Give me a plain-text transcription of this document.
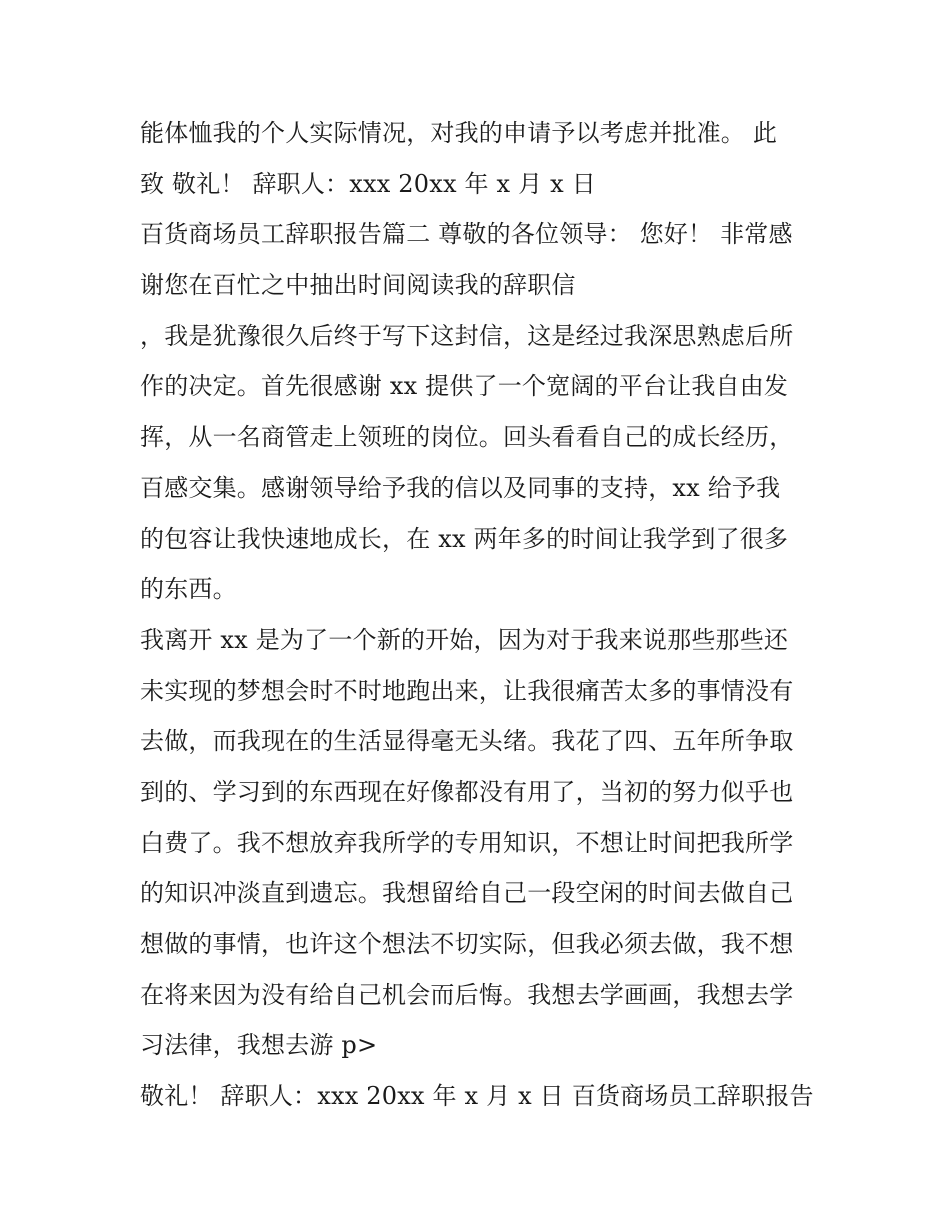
能体恤我的个人实际情况，对我的申请予以考虑并批准。 此
致 敬礼！ 辞职人：xxx 20xx 年 x 月 x 日
百货商场员工辞职报告篇二 尊敬的各位领导： 您好！ 非常感
谢您在百忙之中抽出时间阅读我的辞职信
，我是犹豫很久后终于写下这封信，这是经过我深思熟虑后所
作的决定。首先很感谢 xx 提供了一个宽阔的平台让我自由发
挥，从一名商管走上领班的岗位。回头看看自己的成长经历，
百感交集。感谢领导给予我的信以及同事的支持，xx 给予我
的包容让我快速地成长，在 xx 两年多的时间让我学到了很多
的东西。
我离开 xx 是为了一个新的开始，因为对于我来说那些那些还
未实现的梦想会时不时地跑出来，让我很痛苦太多的事情没有
去做，而我现在的生活显得毫无头绪。我花了四、五年所争取
到的、学习到的东西现在好像都没有用了，当初的努力似乎也
白费了。我不想放弃我所学的专用知识，不想让时间把我所学
的知识冲淡直到遗忘。我想留给自己一段空闲的时间去做自己
想做的事情，也许这个想法不切实际，但我必须去做，我不想
在将来因为没有给自己机会而后悔。我想去学画画，我想去学
习法律，我想去游 p>
敬礼！ 辞职人：xxx 20xx 年 x 月 x 日 百货商场员工辞职报告
